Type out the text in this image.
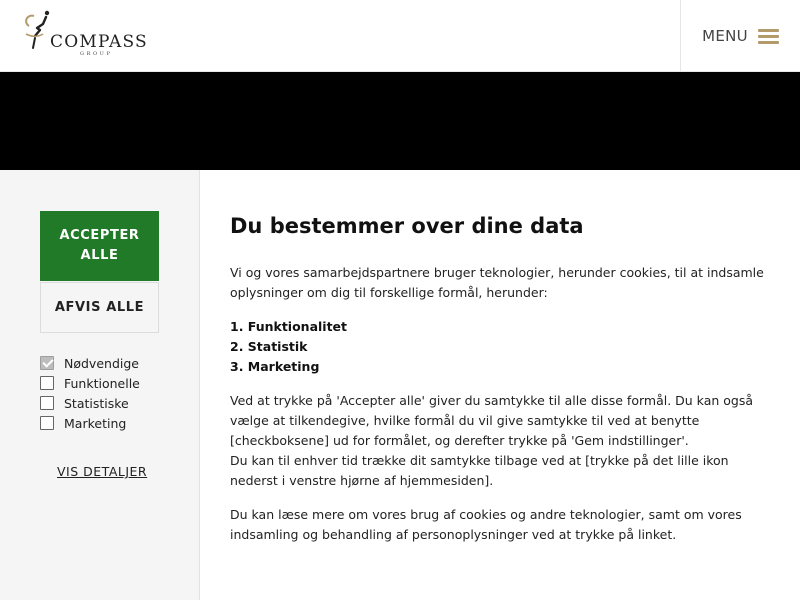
COMPASS
GROUP
MENU
ACCEPTER ALLE
AFVIS ALLE
Nødvendige
Funktionelle
Statistiske
Marketing
VIS DETALJER
Du bestemmer over dine data

Vi og vores samarbejdspartnere bruger teknologier, herunder cookies, til at indsamle oplysninger om dig til forskellige formål, herunder:

1. Funktionalitet
2. Statistik
3. Marketing

Ved at trykke på 'Accepter alle' giver du samtykke til alle disse formål. Du kan også vælge at tilkendegive, hvilke formål du vil give samtykke til ved at benytte [checkboksene] ud for formålet, og derefter trykke på 'Gem indstillinger'.

Du kan til enhver tid trække dit samtykke tilbage ved at [trykke på det lille ikon nederst i venstre hjørne af hjemmesiden].

Du kan læse mere om vores brug af cookies og andre teknologier, samt om vores indsamling og behandling af personoplysninger ved at trykke på linket.
